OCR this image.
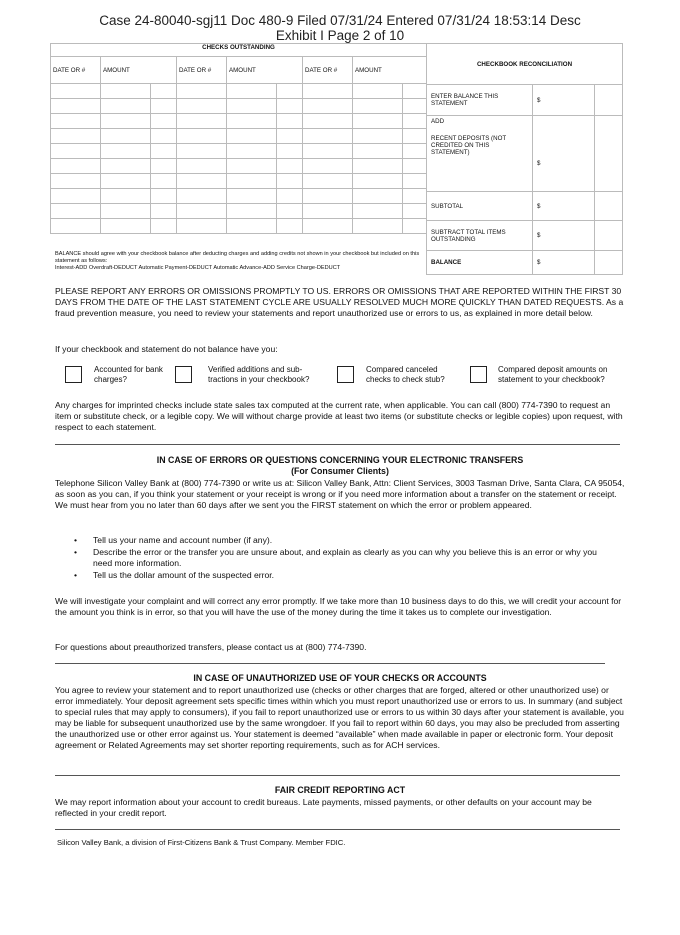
Case 24-80040-sgj11 Doc 480-9 Filed 07/31/24 Entered 07/31/24 18:53:14 Desc
Exhibit I Page 2 of 10
CHECKS OUTSTANDING								
DATE OR #	AMOUNT		DATE OR #	AMOUNT		DATE OR #	AMOUNT	

BALANCE should agree with your checkbook balance after deducting charges and adding credits not shown in your checkbook but included on this statement as follows:
Interest-ADD Overdraft-DEDUCT Automatic Payment-DEDUCT Automatic Advance-ADD Service Charge-DEDUCT
CHECKBOOK RECONCILIATION		
ENTER BALANCE THIS STATEMENT	$	

ADD
RECENT DEPOSITS (NOT CREDITED ON THIS STATEMENT)	$	
SUBTOTAL	$	
SUBTRACT TOTAL ITEMS OUTSTANDING	$	
BALANCE	$	

PLEASE REPORT ANY ERRORS OR OMISSIONS PROMPTLY TO US. ERRORS OR OMISSIONS THAT ARE REPORTED WITHIN THE FIRST 30 DAYS FROM THE DATE OF THE LAST STATEMENT CYCLE ARE USUALLY RESOLVED MUCH MORE QUICKLY THAN DATED REQUESTS. As a fraud prevention measure, you need to review your statements and report unauthorized use or errors to us, as explained in more detail below.

If your checkbook and statement do not balance have you:

Accounted for bank charges?
Verified additions and sub-tractions in your checkbook?
Compared canceled checks to check stub?
Compared deposit amounts on statement to your checkbook?

Any charges for imprinted checks include state sales tax computed at the current rate, when applicable. You can call (800) 774-7390 to request an item or substitute check, or a legible copy. We will without charge provide at least two items (or substitute checks or legible copies) upon request, with respect to each statement.

IN CASE OF ERRORS OR QUESTIONS CONCERNING YOUR ELECTRONIC TRANSFERS
(For Consumer Clients)

Telephone Silicon Valley Bank at (800) 774-7390 or write us at: Silicon Valley Bank, Attn: Client Services, 3003 Tasman Drive, Santa Clara, CA 95054, as soon as you can, if you think your statement or your receipt is wrong or if you need more information about a transfer on the statement or receipt. We must hear from you no later than 60 days after we sent you the FIRST statement on which the error or problem appeared.

• Tell us your name and account number (if any).
• Describe the error or the transfer you are unsure about, and explain as clearly as you can why you believe this is an error or why you need more information.
• Tell us the dollar amount of the suspected error.

We will investigate your complaint and will correct any error promptly. If we take more than 10 business days to do this, we will credit your account for the amount you think is in error, so that you will have the use of the money during the time it takes us to complete our investigation.

For questions about preauthorized transfers, please contact us at (800) 774-7390.

IN CASE OF UNAUTHORIZED USE OF YOUR CHECKS OR ACCOUNTS

You agree to review your statement and to report unauthorized use (checks or other charges that are forged, altered or other unauthorized use) or error immediately. Your deposit agreement sets specific times within which you must report unauthorized use or errors to us. In summary (and subject to special rules that may apply to consumers), if you fail to report unauthorized use or errors to us within 30 days after your statement is available, you may be liable for subsequent unauthorized use by the same wrongdoer. If you fail to report within 60 days, you may also be precluded from asserting the unauthorized use or other error against us. Your statement is deemed “available” when made available in paper or electronic form. Your deposit agreement or Related Agreements may set shorter reporting requirements, such as for ACH services.

FAIR CREDIT REPORTING ACT

We may report information about your account to credit bureaus. Late payments, missed payments, or other defaults on your account may be reflected in your credit report.

Silicon Valley Bank, a division of First-Citizens Bank & Trust Company. Member FDIC.
